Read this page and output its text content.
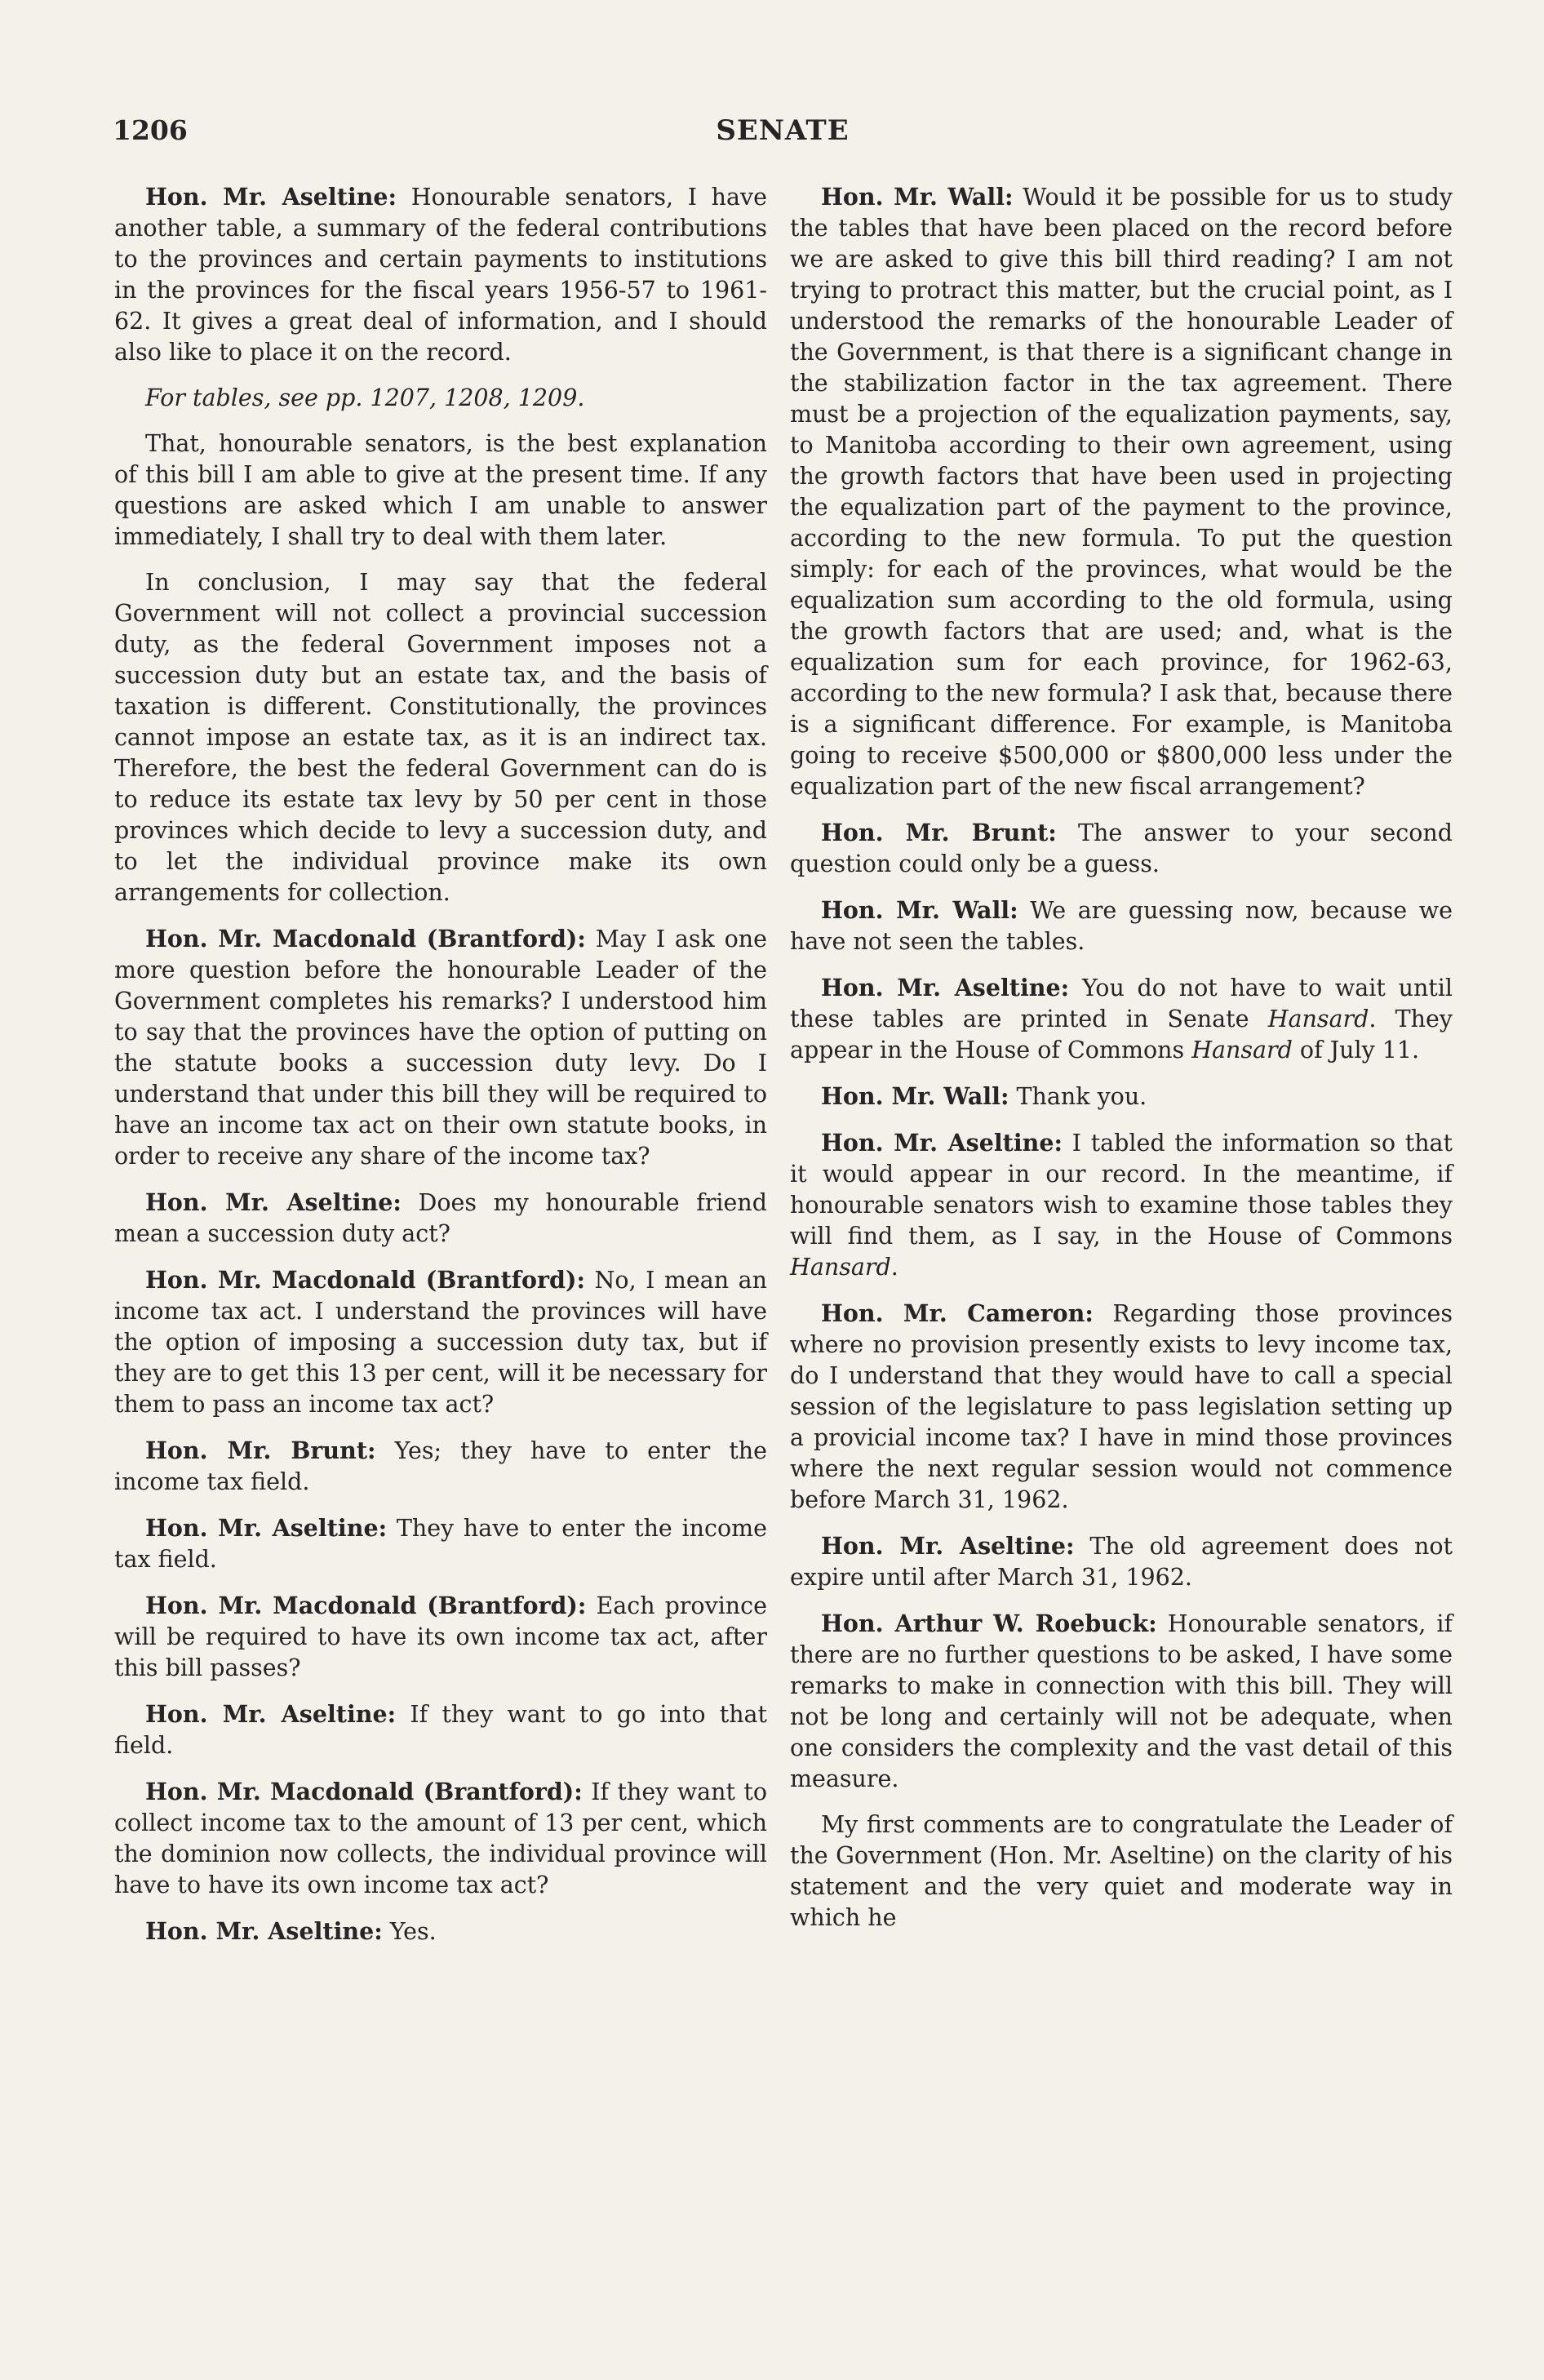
1206	SENATE

Hon. Mr. Aseltine: Honourable senators, I have another table, a summary of the federal contributions to the provinces and certain payments to institutions in the provinces for the fiscal years 1956-57 to 1961-62. It gives a great deal of information, and I should also like to place it on the record.

For tables, see pp. 1207, 1208, 1209.

That, honourable senators, is the best explanation of this bill I am able to give at the present time. If any questions are asked which I am unable to answer immediately, I shall try to deal with them later.

In conclusion, I may say that the federal Government will not collect a provincial succession duty, as the federal Government imposes not a succession duty but an estate tax, and the basis of taxation is different. Constitutionally, the provinces cannot impose an estate tax, as it is an indirect tax. Therefore, the best the federal Government can do is to reduce its estate tax levy by 50 per cent in those provinces which decide to levy a succession duty, and to let the individual province make its own arrangements for collection.

Hon. Mr. Macdonald (Brantford): May I ask one more question before the honourable Leader of the Government completes his remarks? I understood him to say that the provinces have the option of putting on the statute books a succession duty levy. Do I understand that under this bill they will be required to have an income tax act on their own statute books, in order to receive any share of the income tax?

Hon. Mr. Aseltine: Does my honourable friend mean a succession duty act?

Hon. Mr. Macdonald (Brantford): No, I mean an income tax act. I understand the provinces will have the option of imposing a succession duty tax, but if they are to get this 13 per cent, will it be necessary for them to pass an income tax act?

Hon. Mr. Brunt: Yes; they have to enter the income tax field.

Hon. Mr. Aseltine: They have to enter the income tax field.

Hon. Mr. Macdonald (Brantford): Each province will be required to have its own income tax act, after this bill passes?

Hon. Mr. Aseltine: If they want to go into that field.

Hon. Mr. Macdonald (Brantford): If they want to collect income tax to the amount of 13 per cent, which the dominion now collects, the individual province will have to have its own income tax act?

Hon. Mr. Aseltine: Yes.

Hon. Mr. Wall: Would it be possible for us to study the tables that have been placed on the record before we are asked to give this bill third reading? I am not trying to protract this matter, but the crucial point, as I understood the remarks of the honourable Leader of the Government, is that there is a significant change in the stabilization factor in the tax agreement. There must be a projection of the equalization payments, say, to Manitoba according to their own agreement, using the growth factors that have been used in projecting the equalization part of the payment to the province, according to the new formula. To put the question simply: for each of the provinces, what would be the equalization sum according to the old formula, using the growth factors that are used; and, what is the equalization sum for each province, for 1962-63, according to the new formula? I ask that, because there is a significant difference. For example, is Manitoba going to receive $500,000 or $800,000 less under the equalization part of the new fiscal arrangement?

Hon. Mr. Brunt: The answer to your second question could only be a guess.

Hon. Mr. Wall: We are guessing now, because we have not seen the tables.

Hon. Mr. Aseltine: You do not have to wait until these tables are printed in Senate Hansard. They appear in the House of Commons Hansard of July 11.

Hon. Mr. Wall: Thank you.

Hon. Mr. Aseltine: I tabled the information so that it would appear in our record. In the meantime, if honourable senators wish to examine those tables they will find them, as I say, in the House of Commons Hansard.

Hon. Mr. Cameron: Regarding those provinces where no provision presently exists to levy income tax, do I understand that they would have to call a special session of the legislature to pass legislation setting up a provicial income tax? I have in mind those provinces where the next regular session would not commence before March 31, 1962.

Hon. Mr. Aseltine: The old agreement does not expire until after March 31, 1962.

Hon. Arthur W. Roebuck: Honourable senators, if there are no further questions to be asked, I have some remarks to make in connection with this bill. They will not be long and certainly will not be adequate, when one considers the complexity and the vast detail of this measure.

My first comments are to congratulate the Leader of the Government (Hon. Mr. Aseltine) on the clarity of his statement and the very quiet and moderate way in which he
